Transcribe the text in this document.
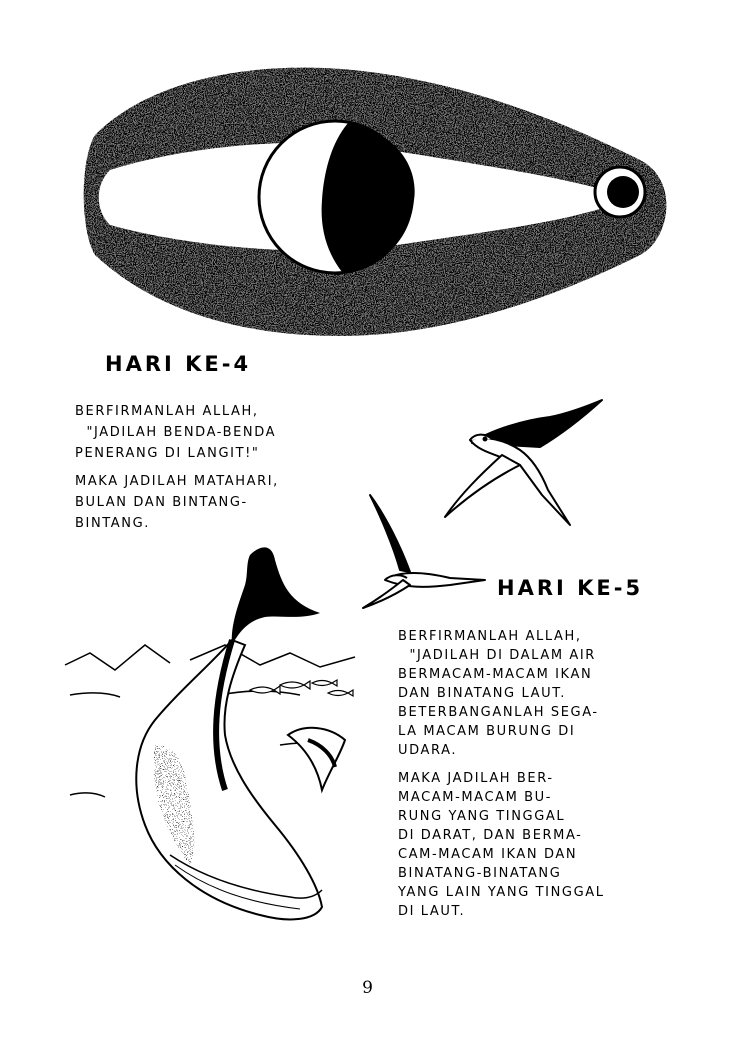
HARI KE-4

BERFIRMANLAH ALLAH,

"JADILAH BENDA-BENDA

PENERANG DI LANGIT!"

MAKA JADILAH MATAHARI,

BULAN DAN BINTANG-

BINTANG.

HARI KE-5

BERFIRMANLAH ALLAH,

"JADILAH DI DALAM AIR

BERMACAM-MACAM IKAN

DAN BINATANG LAUT.

BETERBANGANLAH SEGA-

LA MACAM BURUNG DI

UDARA.

MAKA JADILAH BER-

MACAM-MACAM BU-

RUNG YANG TINGGAL

DI DARAT, DAN BERMA-

CAM-MACAM IKAN DAN

BINATANG-BINATANG

YANG LAIN YANG TINGGAL

DI LAUT.

9
